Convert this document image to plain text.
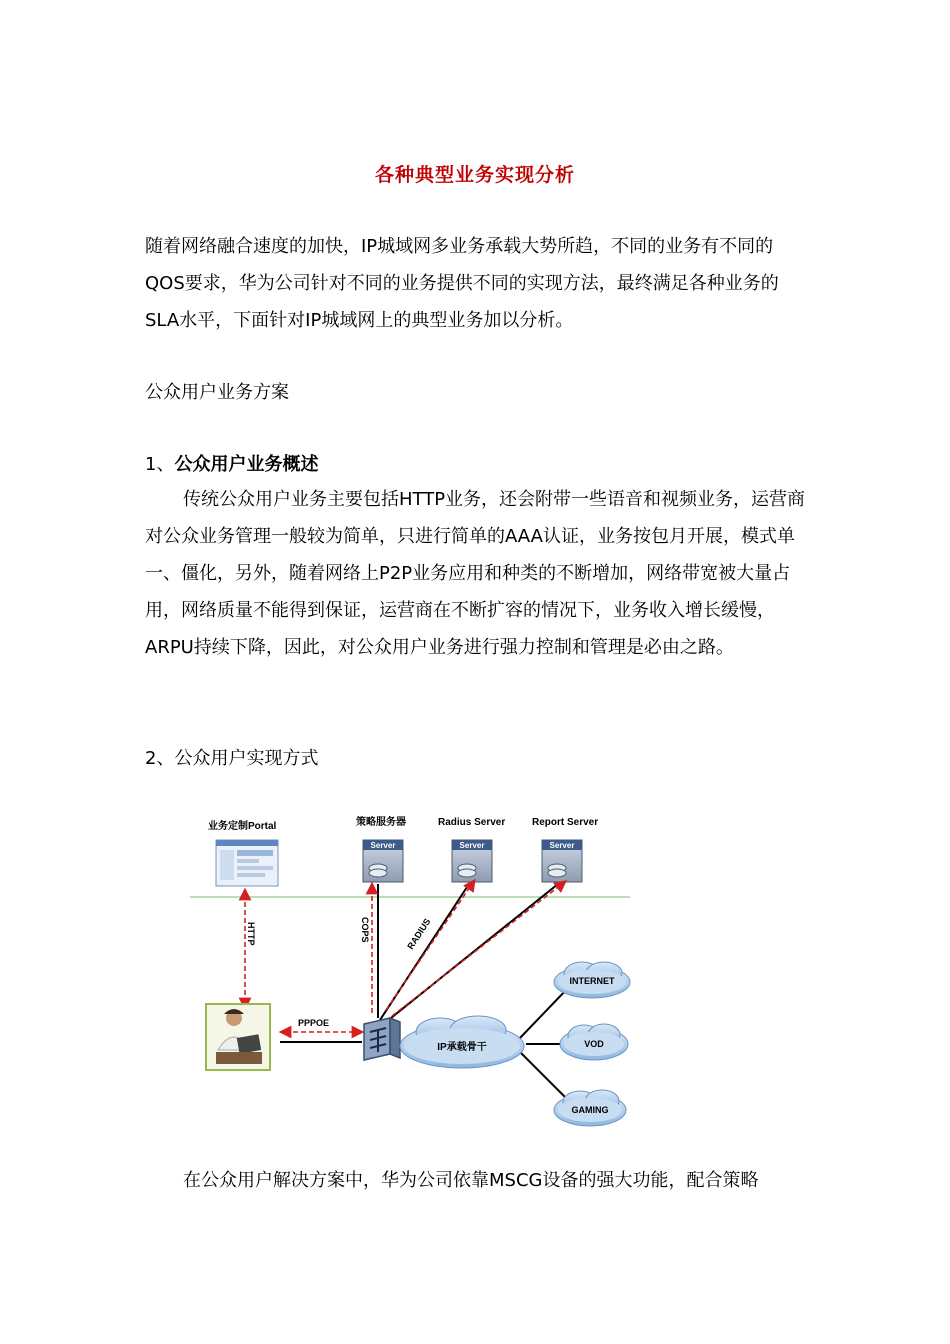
各种典型业务实现分析

随着网络融合速度的加快，IP城域网多业务承载大势所趋，不同的业务有不同的QOS要求，华为公司针对不同的业务提供不同的实现方法，最终满足各种业务的SLA水平，下面针对IP城域网上的典型业务加以分析。

公众用户业务方案

1、公众用户业务概述

传统公众用户业务主要包括HTTP业务，还会附带一些语音和视频业务，运营商对公众业务管理一般较为简单，只进行简单的AAA认证，业务按包月开展，模式单一、僵化，另外，随着网络上P2P业务应用和种类的不断增加，网络带宽被大量占用，网络质量不能得到保证，运营商在不断扩容的情况下，业务收入增长缓慢，ARPU持续下降，因此，对公众用户业务进行强力控制和管理是必由之路。

2、公众用户实现方式

业务定制Portal	策略服务器	Radius Server	Report Server
Server	Server	Server
HTTP	COPS	RADIUS
PPPOE
IP承载骨干
INTERNET
VOD
GAMING

在公众用户解决方案中，华为公司依靠MSCG设备的强大功能，配合策略
